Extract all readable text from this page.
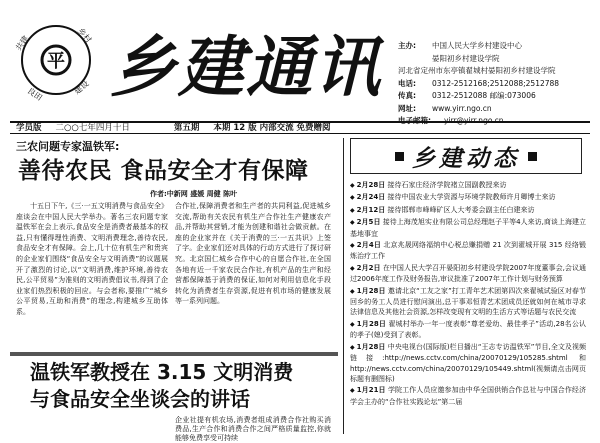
平
共建	乡村
良田	建设 乡建通讯 主办:	中国人民大学乡村建设中心
晏阳初乡村建设学院
河北省定州市东亭镇翟城村晏阳初乡村建设学院
电话:	0312-2512168;2512088;2512788
传真:	0312-2512088 邮编:073006
网址:	www.yirr.ngo.cn
电子邮箱:	yirr@yirr.ngo.cn
学员版 二○○七年四月十日	第五期 本期 12 版 内部交流 免费赠阅
三农问题专家温铁军:
善待农民 食品安全才有保障
作者:中新网 盛媛 周健 陈叶
十五日下午,《三·一五文明消费与食品安全》座谈会在中国人民大学举办。著名三农问题专家温铁军在会上表示,食品安全是消费者最基本的权益,只有懂得理性消费、文明消费理念,善待农民,食品安全才有保障。会上,几十位有机生产和贵宾的企业家们围绕“食品安全与文明消费”的议题展开了激烈的讨论,以“文明消费,维护环境,善待农民,公平贸易”为准则的文明消费倡议书,得到了企业家们热烈积极的回应。与会者称,要推广“城乡公平贸易,互助和消费”的理念,构建城乡互助体系。
合作社,保障消费者和生产者的共同利益,促进城乡交流,帮助有关农民有机生产合作社生产健康农产品,并帮助其营销,才能为创建和谐社会做贡献。在座的企业家并在《关于消费的三·一五共识》上签了字。企业家们还对具体的行动方式进行了探讨研究。北京国仁城乡合作中心的自愿合作社,在全国各地有近一千家农民合作社,有机产品的生产和经营都保障基于消费的保证,如何对利用信息化手段转化为消费者生存资源,促进有机市场的健康发展等一系列问题。
温铁军教授在 3.15 文明消费
与食品安全坐谈会的讲话
企业社提有机农场,消费者组成消费合作社购买消费品,生产合作和消费合作之间严格质量监控,你就能够免费享受可持续
乡建动态
◆ 2月28日 接待石家庄经济学院褚立国副教授来访
◆ 2月24日 接待中国农业大学资源与环境学院教师许月卿博士来访
◆ 2月12日 接待邯郸市峰峰矿区人大考委会副主任白建来访
◆ 2月5日 接待上海茂旭实业有限公司总经理赵子平等4人来访,商谈上海建立基地事宜
◆ 2月4日 北京兆晟网络福纳中心税总赚捐赠 21 次到翟城开展 315 经络锻炼治疗工作
◆ 2月2日 在中国人民大学召开晏阳初乡村建设学院2007年度董事会,会议通过2006年度工作及财务报告,审议批准了2007年工作计划与财务预算
◆ 1月28日 邀请北京“工友之家”打工青年艺术团第四次来翟城试验区对春节回乡的务工人员进行慰问演出,总干事邓恒青艺术团成员还就如何在城市寻求法律信息及其他社会资源,怎样改变现有文明的生活方式等话题与农民交流
◆ 1月28日 翟城村举办一年一度表彰“尊老爱幼、最佳孝子”活动,28名公认的孝子(媳)受到了表彰。
◆ 1月28日 中央电视台(国际版)栏目播出“王志专访温铁军”节目,全文及视频链接:http://news.cctv.com/china/20070129/105285.shtml 和 http://news.cctv.com/china/20070129/105449.shtml(视频请点击网页标题有删图标)
◆ 1月21日 学院工作人员应邀参加由中华全国供销合作总社与中国合作经济学会主办的“合作社实践论坛”第二届
